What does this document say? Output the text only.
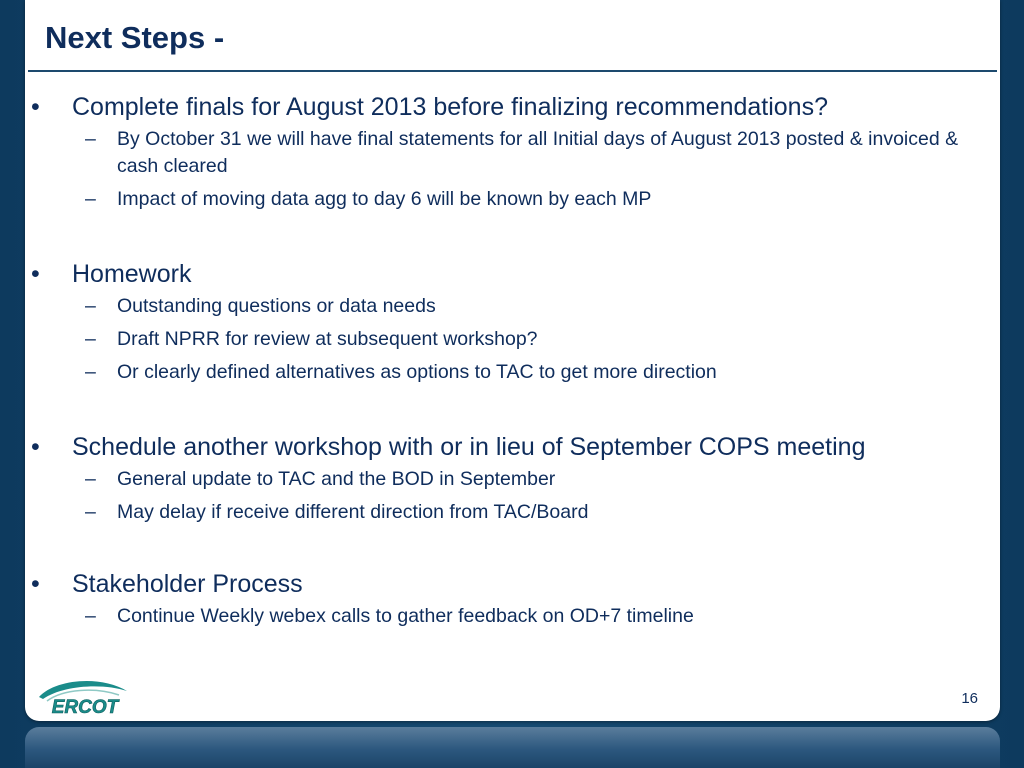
Next Steps -
• Complete finals for August 2013 before finalizing recommendations?
– By October 31 we will have final statements for all Initial days of August 2013 posted & invoiced & cash cleared
– Impact of moving data agg to day 6 will be known by each MP
• Homework
– Outstanding questions or data needs
– Draft NPRR for review at subsequent workshop?
– Or clearly defined alternatives as options to TAC to get more direction
• Schedule another workshop with or in lieu of September COPS meeting
– General update to TAC and the BOD in September
– May delay if receive different direction from TAC/Board
• Stakeholder Process
– Continue Weekly webex calls to gather feedback on OD+7 timeline
ERCOT	16
